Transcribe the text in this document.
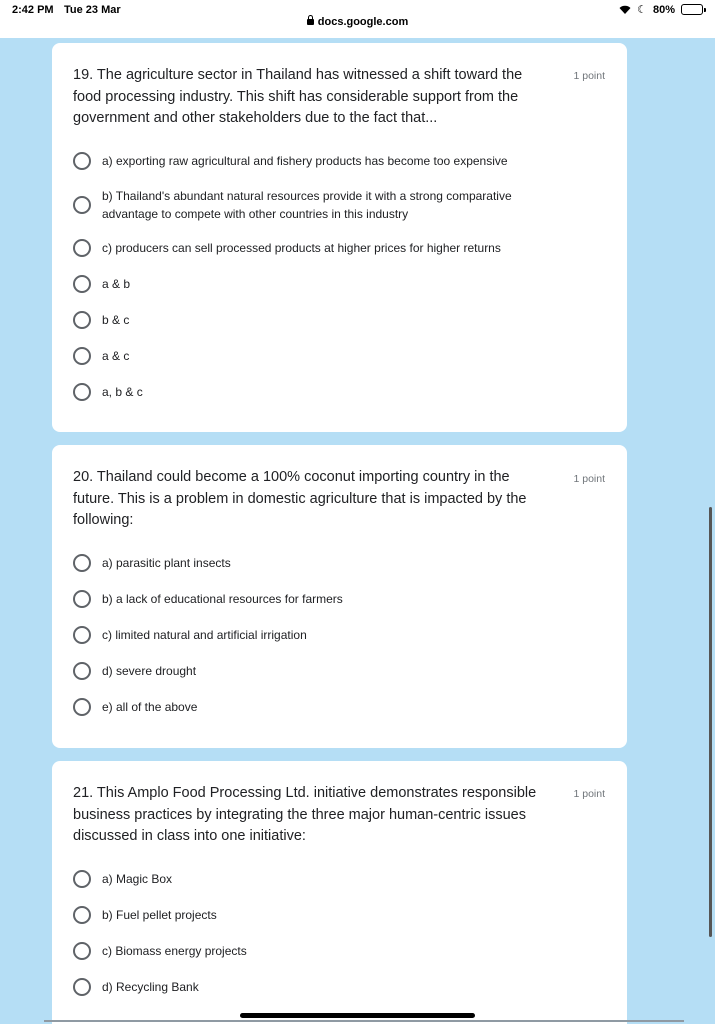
2:42 PM Tue 23 Mar
docs.google.com
☾ 80%
19. The agriculture sector in Thailand has witnessed a shift toward the food processing industry. This shift has considerable support from the government and other stakeholders due to the fact that...
1 point
a) exporting raw agricultural and fishery products has become too expensive
b) Thailand's abundant natural resources provide it with a strong comparative advantage to compete with other countries in this industry
c) producers can sell processed products at higher prices for higher returns
a & b
b & c
a & c
a, b & c
20. Thailand could become a 100% coconut importing country in the future. This is a problem in domestic agriculture that is impacted by the following:
1 point
a) parasitic plant insects
b) a lack of educational resources for farmers
c) limited natural and artificial irrigation
d) severe drought
e) all of the above
21. This Amplo Food Processing Ltd. initiative demonstrates responsible business practices by integrating the three major human-centric issues discussed in class into one initiative:
1 point
a) Magic Box
b) Fuel pellet projects
c) Biomass energy projects
d) Recycling Bank
